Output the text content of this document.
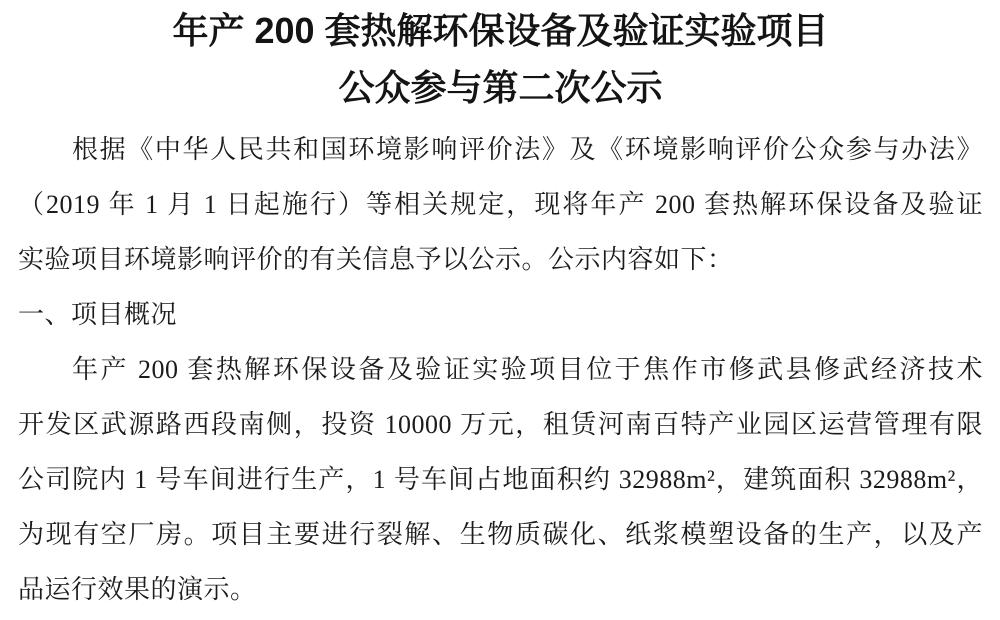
年产 200 套热解环保设备及验证实验项目
公众参与第二次公示

根据《中华人民共和国环境影响评价法》及《环境影响评价公众参与办法》

（2019 年 1 月 1 日起施行）等相关规定，现将年产 200 套热解环保设备及验证

实验项目环境影响评价的有关信息予以公示。公示内容如下：

一、项目概况

年产 200 套热解环保设备及验证实验项目位于焦作市修武县修武经济技术

开发区武源路西段南侧，投资 10000 万元，租赁河南百特产业园区运营管理有限

公司院内 1 号车间进行生产，1 号车间占地面积约 32988m²，建筑面积 32988m²，

为现有空厂房。项目主要进行裂解、生物质碳化、纸浆模塑设备的生产，以及产

品运行效果的演示。
